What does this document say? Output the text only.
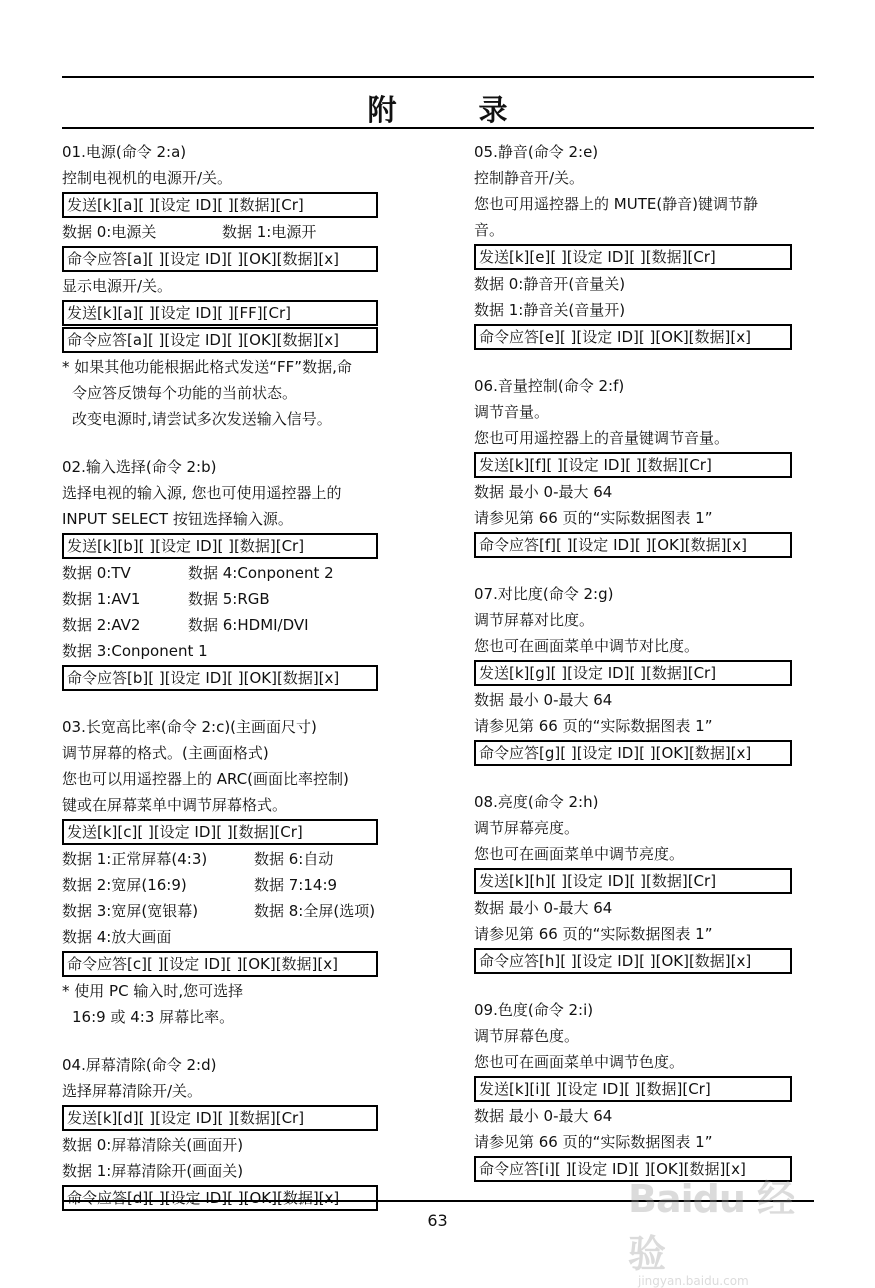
附 录
01.电源(命令 2:a)
控制电视机的电源开/关。
发送[k][a][ ][设定 ID][ ][数据][Cr]
数据 0:电源关	数据 1:电源开
命令应答[a][ ][设定 ID][ ][OK][数据][x]
显示电源开/关。
发送[k][a][ ][设定 ID][ ][FF][Cr]
命令应答[a][ ][设定 ID][ ][OK][数据][x]
* 如果其他功能根据此格式发送“FF”数据,命
令应答反馈每个功能的当前状态。
改变电源时,请尝试多次发送输入信号。
02.输入选择(命令 2:b)
选择电视的输入源, 您也可使用遥控器上的
INPUT SELECT 按钮选择输入源。
发送[k][b][ ][设定 ID][ ][数据][Cr]
数据 0:TV	数据 4:Conponent 2
数据 1:AV1	数据 5:RGB
数据 2:AV2	数据 6:HDMI/DVI
数据 3:Conponent 1
命令应答[b][ ][设定 ID][ ][OK][数据][x]
03.长宽高比率(命令 2:c)(主画面尺寸)
调节屏幕的格式。(主画面格式)
您也可以用遥控器上的 ARC(画面比率控制)
键或在屏幕菜单中调节屏幕格式。
发送[k][c][ ][设定 ID][ ][数据][Cr]
数据 1:正常屏幕(4:3)	数据 6:自动
数据 2:宽屏(16:9)	数据 7:14:9
数据 3:宽屏(宽银幕)	数据 8:全屏(选项)
数据 4:放大画面
命令应答[c][ ][设定 ID][ ][OK][数据][x]
* 使用 PC 输入时,您可选择
16:9 或 4:3 屏幕比率。
04.屏幕清除(命令 2:d)
选择屏幕清除开/关。
发送[k][d][ ][设定 ID][ ][数据][Cr]
数据 0:屏幕清除关(画面开)
数据 1:屏幕清除开(画面关)
命令应答[d][ ][设定 ID][ ][OK][数据][x]
05.静音(命令 2:e)
控制静音开/关。
您也可用遥控器上的 MUTE(静音)键调节静
音。
发送[k][e][ ][设定 ID][ ][数据][Cr]
数据 0:静音开(音量关)
数据 1:静音关(音量开)
命令应答[e][ ][设定 ID][ ][OK][数据][x]
06.音量控制(命令 2:f)
调节音量。
您也可用遥控器上的音量键调节音量。
发送[k][f][ ][设定 ID][ ][数据][Cr]
数据 最小 0-最大 64
请参见第 66 页的“实际数据图表 1”
命令应答[f][ ][设定 ID][ ][OK][数据][x]
07.对比度(命令 2:g)
调节屏幕对比度。
您也可在画面菜单中调节对比度。
发送[k][g][ ][设定 ID][ ][数据][Cr]
数据 最小 0-最大 64
请参见第 66 页的“实际数据图表 1”
命令应答[g][ ][设定 ID][ ][OK][数据][x]
08.亮度(命令 2:h)
调节屏幕亮度。
您也可在画面菜单中调节亮度。
发送[k][h][ ][设定 ID][ ][数据][Cr]
数据 最小 0-最大 64
请参见第 66 页的“实际数据图表 1”
命令应答[h][ ][设定 ID][ ][OK][数据][x]
09.色度(命令 2:i)
调节屏幕色度。
您也可在画面菜单中调节色度。
发送[k][i][ ][设定 ID][ ][数据][Cr]
数据 最小 0-最大 64
请参见第 66 页的“实际数据图表 1”
命令应答[i][ ][设定 ID][ ][OK][数据][x]
63	Baidu 经验
jingyan.baidu.com
